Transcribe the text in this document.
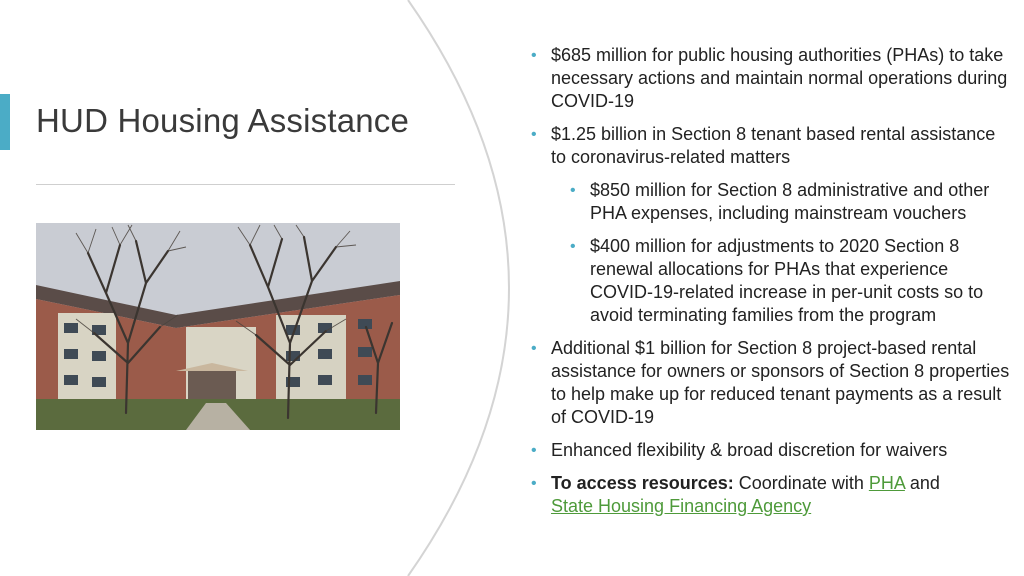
HUD Housing Assistance
• $685 million for public housing authorities (PHAs) to take necessary actions and maintain normal operations during COVID-19
• $1.25 billion in Section 8 tenant based rental assistance to coronavirus-related matters
• $850 million for Section 8 administrative and other PHA expenses, including mainstream vouchers
• $400 million for adjustments to 2020 Section 8 renewal allocations for PHAs that experience COVID-19-related increase in per-unit costs so to avoid terminating families from the program
• Additional $1 billion for Section 8 project-based rental assistance for owners or sponsors of Section 8 properties to help make up for reduced tenant payments as a result of COVID-19
• Enhanced flexibility & broad discretion for waivers
• To access resources: Coordinate with PHA and
State Housing Financing Agency
